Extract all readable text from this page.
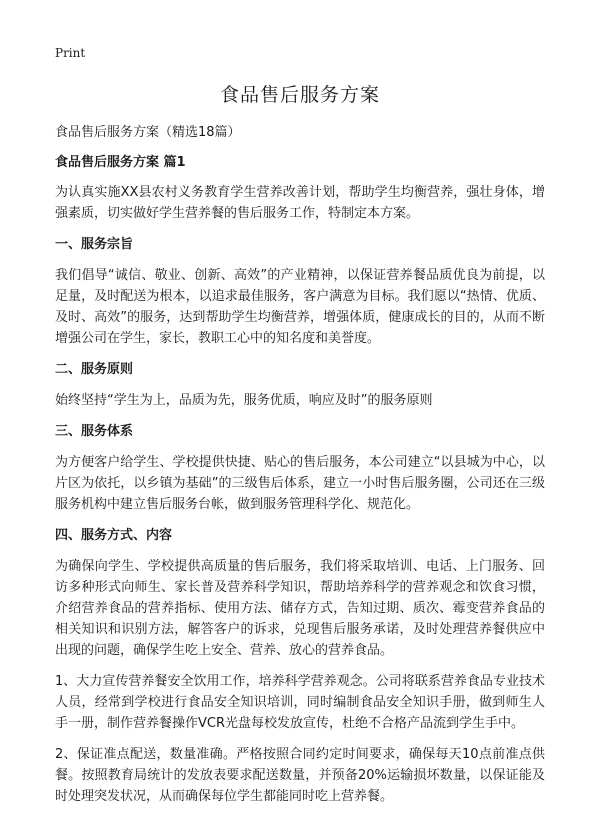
Print
食品售后服务方案

食品售后服务方案（精选18篇）

食品售后服务方案 篇1

为认真实施XX县农村义务教育学生营养改善计划，帮助学生均衡营养，强壮身体，增强素质，切实做好学生营养餐的售后服务工作，特制定本方案。

一、服务宗旨

我们倡导“诚信、敬业、创新、高效”的产业精神，以保证营养餐品质优良为前提，以足量，及时配送为根本，以追求最佳服务，客户满意为目标。我们愿以“热情、优质、及时、高效”的服务，达到帮助学生均衡营养，增强体质，健康成长的目的，从而不断增强公司在学生，家长，教职工心中的知名度和美誉度。

二、服务原则

始终坚持“学生为上，品质为先，服务优质，响应及时”的服务原则

三、服务体系

为方便客户给学生、学校提供快捷、贴心的售后服务，本公司建立“以县城为中心，以片区为依托，以乡镇为基础”的三级售后体系，建立一小时售后服务圈，公司还在三级服务机构中建立售后服务台帐，做到服务管理科学化、规范化。

四、服务方式、内容

为确保向学生、学校提供高质量的售后服务，我们将采取培训、电话、上门服务、回访多种形式向师生、家长普及营养科学知识，帮助培养科学的营养观念和饮食习惯，介绍营养食品的营养指标、使用方法、储存方式，告知过期、质次、霉变营养食品的相关知识和识别方法，解答客户的诉求，兑现售后服务承诺，及时处理营养餐供应中出现的问题，确保学生吃上安全、营养、放心的营养食品。

1、大力宣传营养餐安全饮用工作，培养科学营养观念。公司将联系营养食品专业技术人员，经常到学校进行食品安全知识培训，同时编制食品安全知识手册，做到师生人手一册，制作营养餐操作VCR光盘每校发放宣传，杜绝不合格产品流到学生手中。

2、保证准点配送，数量准确。严格按照合同约定时间要求，确保每天10点前准点供餐。按照教育局统计的发放表要求配送数量，并预备20%运输损坏数量，以保证能及时处理突发状况，从而确保每位学生都能同时吃上营养餐。
